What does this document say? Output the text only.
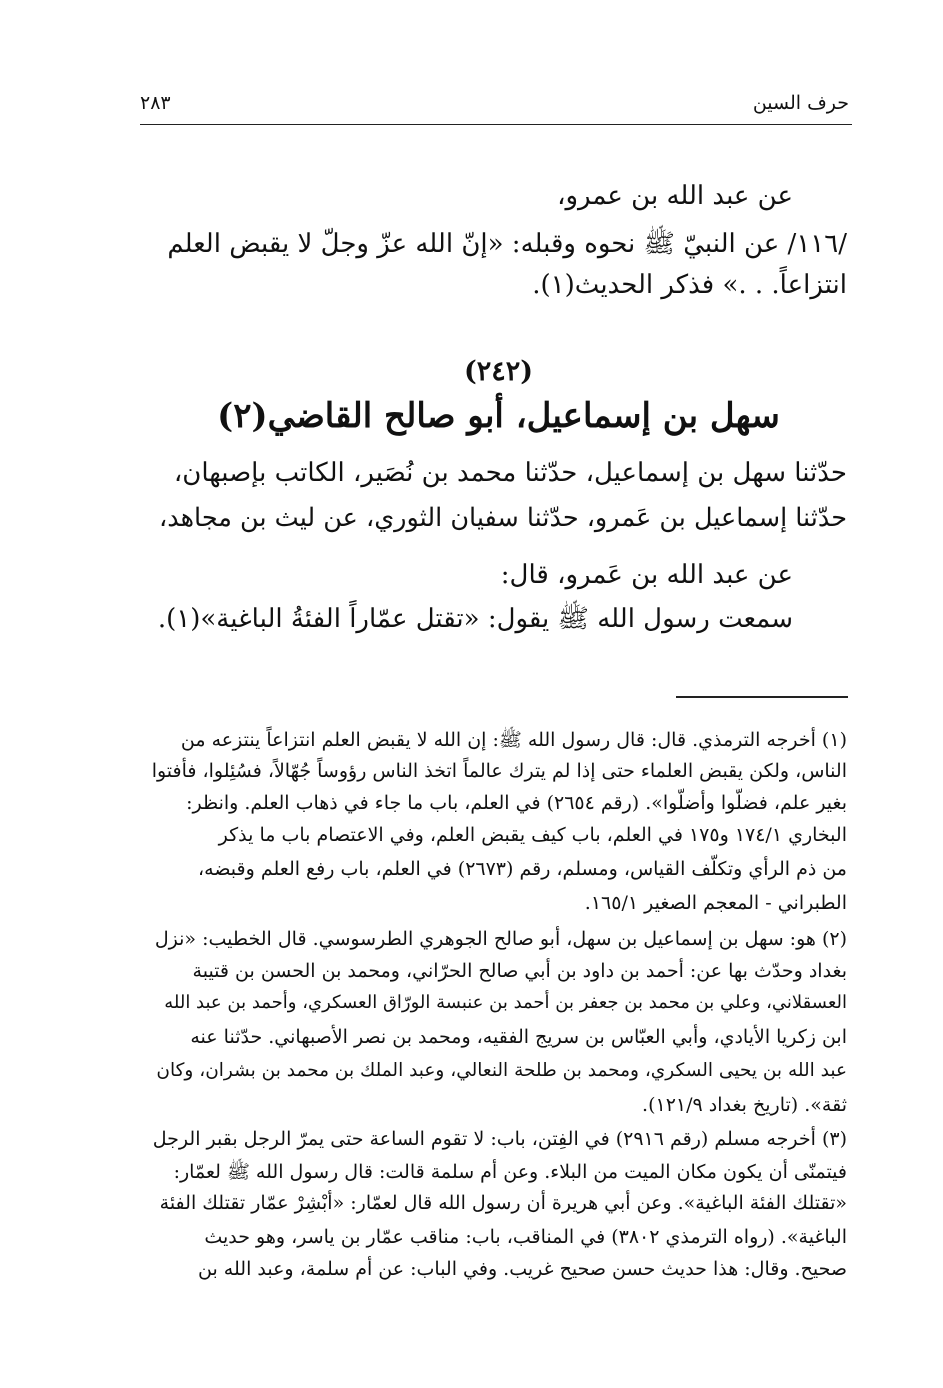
حرف السين
٢٨٣
عن عبد الله بن عمرو،
/١١٦/ عن النبيّ ﷺ نحوه وقبله: «إنّ الله عزّ وجلّ لا يقبض العلم
انتزاعاً. . .» فذكر الحديث(١).
(٢٤٢)
سهل بن إسماعيل، أبو صالح القاضي(٢)
حدّثنا سهل بن إسماعيل، حدّثنا محمد بن نُصَير، الكاتب بإصبهان،
حدّثنا إسماعيل بن عَمرو، حدّثنا سفيان الثوري، عن ليث بن مجاهد،
عن عبد الله بن عَمرو، قال:
سمعت رسول الله ﷺ يقول: «تقتل عمّاراً الفئةُ الباغية»(١).
(١) أخرجه الترمذي. قال: قال رسول الله ﷺ: إن الله لا يقبض العلم انتزاعاً ينتزعه من
الناس، ولكن يقبض العلماء حتى إذا لم يترك عالماً اتخذ الناس رؤوساً جُهّالاً، فسُئِلوا، فأفتوا
بغير علم، فضلّوا وأضلّوا». (رقم ٢٦٥٤) في العلم، باب ما جاء في ذهاب العلم. وانظر:
البخاري ١٧٤/١ و١٧٥ في العلم، باب كيف يقبض العلم، وفي الاعتصام باب ما يذكر
من ذم الرأي وتكلّف القياس، ومسلم، رقم (٢٦٧٣) في العلم، باب رفع العلم وقبضه،
الطبراني - المعجم الصغير ١٦٥/١.
(٢) هو: سهل بن إسماعيل بن سهل، أبو صالح الجوهري الطرسوسي. قال الخطيب: «نزل
بغداد وحدّث بها عن: أحمد بن داود بن أبي صالح الحرّاني، ومحمد بن الحسن بن قتيبة
العسقلاني، وعلي بن محمد بن جعفر بن أحمد بن عنبسة الورّاق العسكري، وأحمد بن عبد الله
ابن زكريا الأيادي، وأبي العبّاس بن سريج الفقيه، ومحمد بن نصر الأصبهاني. حدّثنا عنه
عبد الله بن يحيى السكري، ومحمد بن طلحة النعالي، وعبد الملك بن محمد بن بشران، وكان
ثقة». (تاريخ بغداد ١٢١/٩).
(٣) أخرجه مسلم (رقم ٢٩١٦) في الفِتن، باب: لا تقوم الساعة حتى يمرّ الرجل بقبر الرجل
فيتمنّى أن يكون مكان الميت من البلاء. وعن أم سلمة قالت: قال رسول الله ﷺ لعمّار:
«تقتلك الفئة الباغية». وعن أبي هريرة أن رسول الله قال لعمّار: «أبْشِرْ عمّار تقتلك الفئة
الباغية». (رواه الترمذي ٣٨٠٢) في المناقب، باب: مناقب عمّار بن ياسر، وهو حديث
صحيح. وقال: هذا حديث حسن صحيح غريب. وفي الباب: عن أم سلمة، وعبد الله بن
